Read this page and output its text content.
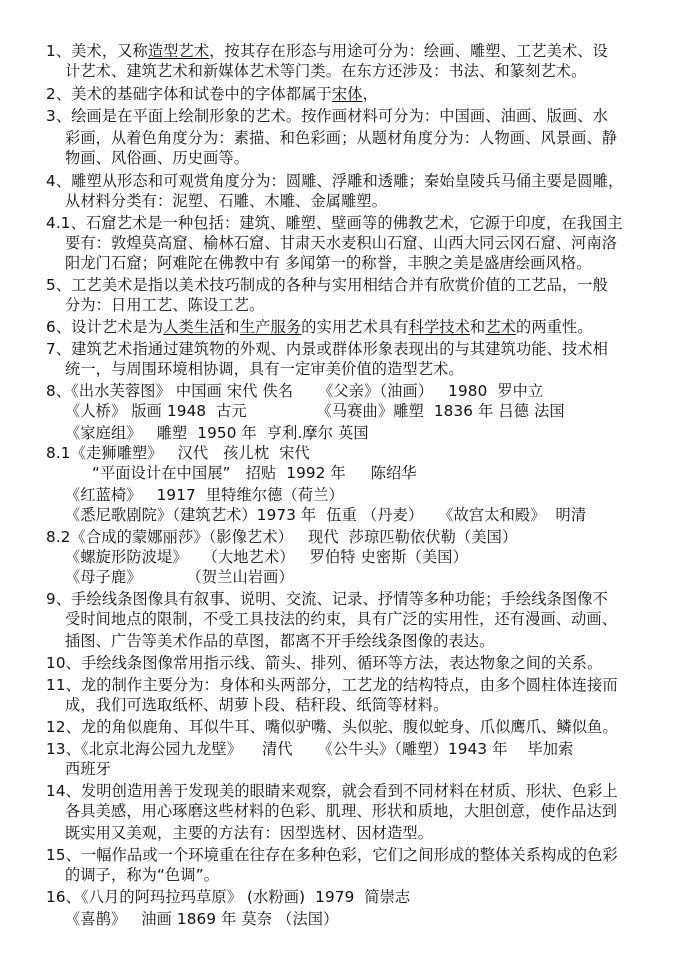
1、美术，又称造型艺术，按其存在形态与用途可分为：绘画、雕塑、工艺美术、设
计艺术、建筑艺术和新媒体艺术等门类。在东方还涉及：书法、和篆刻艺术。
2、美术的基础字体和试卷中的字体都属于宋体，
3、绘画是在平面上绘制形象的艺术。按作画材料可分为：中国画、油画、版画、水
彩画，从着色角度分为：素描、和色彩画；从题材角度分为：人物画、风景画、静
物画、风俗画、历史画等。
4、雕塑从形态和可观赏角度分为：圆雕、浮雕和透雕；秦始皇陵兵马俑主要是圆雕，
从材料分类有：泥塑、石雕、木雕、金属雕塑。
4.1、石窟艺术是一种包括：建筑、雕塑、壁画等的佛教艺术，它源于印度，在我国主
要有：敦煌莫高窟、榆林石窟、甘肃天水麦积山石窟、山西大同云冈石窟、河南洛
阳龙门石窟；阿难陀在佛教中有 多闻第一的称誉，丰腴之美是盛唐绘画风格。
5、工艺美术是指以美术技巧制成的各种与实用相结合并有欣赏价值的工艺品，一般
分为：日用工艺、陈设工艺。
6、设计艺术是为人类生活和生产服务的实用艺术具有科学技术和艺术的两重性。
7、建筑艺术指通过建筑物的外观、内景或群体形象表现出的与其建筑功能、技术相
统一，与周围环境相协调，具有一定审美价值的造型艺术。
8、《出水芙蓉图》 中国画 宋代 佚名     《父亲》（油画）   1980  罗中立
《人桥》 版画 1948  古元              《马赛曲》雕塑  1836 年 吕德 法国
《家庭组》   雕塑  1950 年  亨利.摩尔 英国
8.1《走狮雕塑》   汉代   孩儿枕  宋代
“平面设计在中国展”   招贴  1992 年     陈绍华
《红蓝椅》   1917  里特维尔德（荷兰）
《悉尼歌剧院》（建筑艺术）1973 年  伍重 （丹麦）   《故宫太和殿》  明清
8.2《合成的蒙娜丽莎》（影像艺术）   现代  莎琼匹勒依伏勒（美国）
《螺旋形防波堤》   （大地艺术）   罗伯特 史密斯（美国）
《母子鹿》         （贺兰山岩画）
9、手绘线条图像具有叙事、说明、交流、记录、抒情等多种功能；手绘线条图像不
受时间地点的限制，不受工具技法的约束，具有广泛的实用性，还有漫画、动画、
插图、广告等美术作品的草图，都离不开手绘线条图像的表达。
10、手绘线条图像常用指示线、箭头、排列、循环等方法，表达物象之间的关系。
11、龙的制作主要分为：身体和头两部分，工艺龙的结构特点，由多个圆柱体连接而
成，我们可选取纸杯、胡萝卜段、秸秆段、纸筒等材料。
12、龙的角似鹿角、耳似牛耳、嘴似驴嘴、头似驼、腹似蛇身、爪似鹰爪、鳞似鱼。
13、《北京北海公园九龙壁》    清代     《公牛头》（雕塑）1943 年    毕加索
西班牙
14、发明创造用善于发现美的眼睛来观察，就会看到不同材料在材质、形状、色彩上
各具美感，用心琢磨这些材料的色彩、肌理、形状和质地，大胆创意，使作品达到
既实用又美观，主要的方法有：因型选材、因材造型。
15、一幅作品或一个环境重在往存在多种色彩，它们之间形成的整体关系构成的色彩
的调子，称为“色调”。
16、《八月的阿玛拉玛草原》 (水粉画)  1979  简崇志
《喜鹊》   油画 1869 年 莫奈 （法国）
